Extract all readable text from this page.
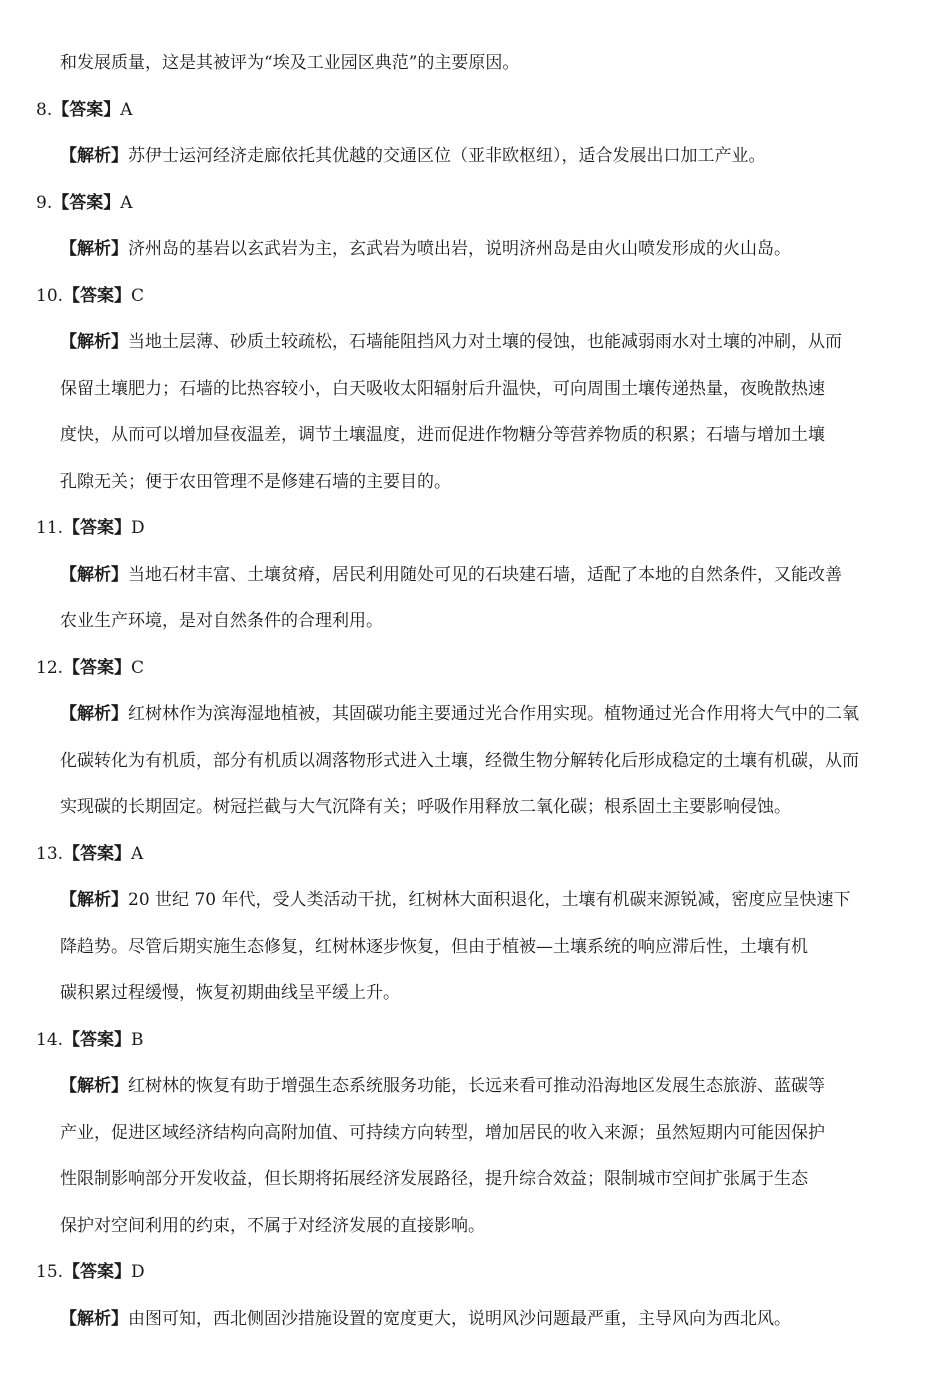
和发展质量，这是其被评为“埃及工业园区典范”的主要原因。
8.【答案】A
【解析】苏伊士运河经济走廊依托其优越的交通区位（亚非欧枢纽），适合发展出口加工产业。
9.【答案】A
【解析】济州岛的基岩以玄武岩为主，玄武岩为喷出岩，说明济州岛是由火山喷发形成的火山岛。
10.【答案】C
【解析】当地土层薄、砂质土较疏松，石墙能阻挡风力对土壤的侵蚀，也能减弱雨水对土壤的冲刷，从而
保留土壤肥力；石墙的比热容较小，白天吸收太阳辐射后升温快，可向周围土壤传递热量，夜晚散热速
度快，从而可以增加昼夜温差，调节土壤温度，进而促进作物糖分等营养物质的积累；石墙与增加土壤
孔隙无关；便于农田管理不是修建石墙的主要目的。
11.【答案】D
【解析】当地石材丰富、土壤贫瘠，居民利用随处可见的石块建石墙，适配了本地的自然条件，又能改善
农业生产环境，是对自然条件的合理利用。
12.【答案】C
【解析】红树林作为滨海湿地植被，其固碳功能主要通过光合作用实现。植物通过光合作用将大气中的二氧
化碳转化为有机质，部分有机质以凋落物形式进入土壤，经微生物分解转化后形成稳定的土壤有机碳，从而
实现碳的长期固定。树冠拦截与大气沉降有关；呼吸作用释放二氧化碳；根系固土主要影响侵蚀。
13.【答案】A
【解析】20 世纪 70 年代，受人类活动干扰，红树林大面积退化，土壤有机碳来源锐减，密度应呈快速下
降趋势。尽管后期实施生态修复，红树林逐步恢复，但由于植被—土壤系统的响应滞后性，土壤有机
碳积累过程缓慢，恢复初期曲线呈平缓上升。
14.【答案】B
【解析】红树林的恢复有助于增强生态系统服务功能，长远来看可推动沿海地区发展生态旅游、蓝碳等
产业，促进区域经济结构向高附加值、可持续方向转型，增加居民的收入来源；虽然短期内可能因保护
性限制影响部分开发收益，但长期将拓展经济发展路径，提升综合效益；限制城市空间扩张属于生态
保护对空间利用的约束，不属于对经济发展的直接影响。
15.【答案】D
【解析】由图可知，西北侧固沙措施设置的宽度更大，说明风沙问题最严重，主导风向为西北风。
